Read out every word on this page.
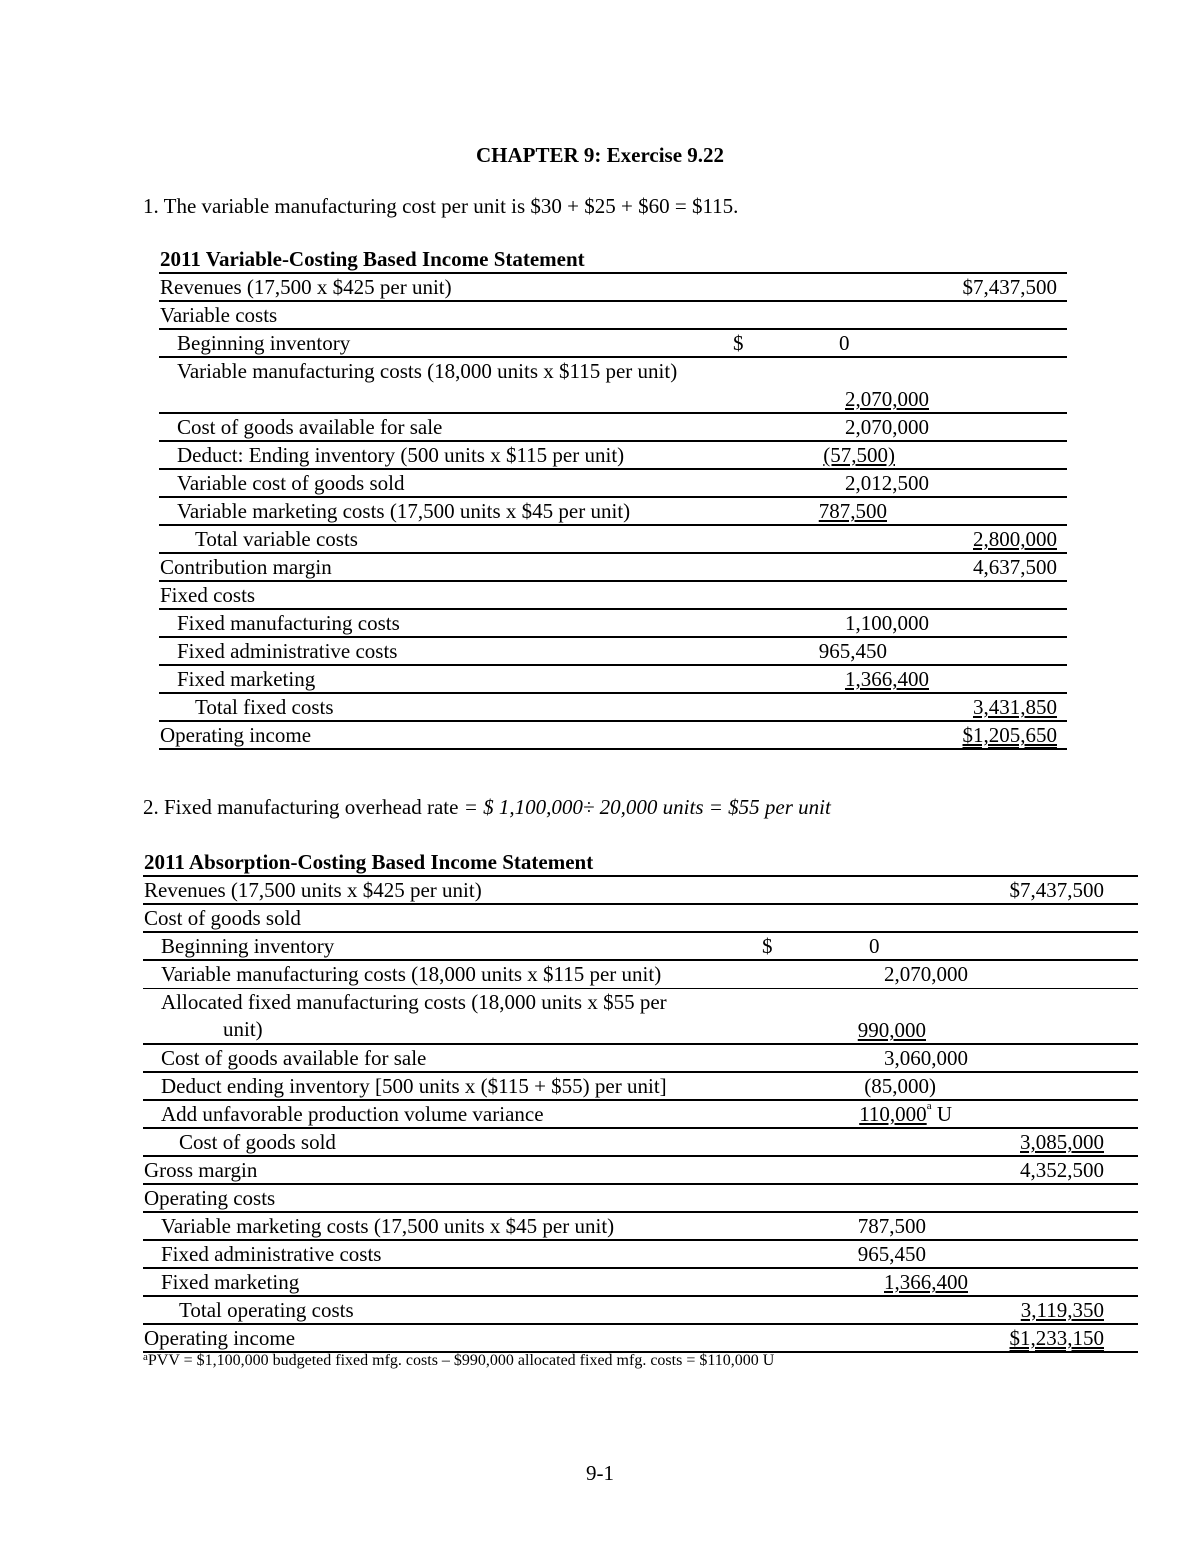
CHAPTER 9: Exercise 9.22
1. The variable manufacturing cost per unit is $30 + $25 + $60 = $115.
2011 Variable-Costing Based Income Statement
Revenues (17,500 x $425 per unit)	$7,437,500
Variable costs
Beginning inventory	$	0
Variable manufacturing costs (18,000 units x $115 per unit)
2,070,000
Cost of goods available for sale	2,070,000
Deduct: Ending inventory (500 units x $115 per unit)	(57,500)
Variable cost of goods sold	2,012,500
Variable marketing costs (17,500 units x $45 per unit)	787,500
Total variable costs	2,800,000
Contribution margin	4,637,500
Fixed costs
Fixed manufacturing costs	1,100,000
Fixed administrative costs	965,450
Fixed marketing	1,366,400
Total fixed costs	3,431,850
Operating income	$1,205,650
2. Fixed manufacturing overhead rate = $ 1,100,000÷ 20,000 units = $55 per unit
2011 Absorption-Costing Based Income Statement
Revenues (17,500 units x $425 per unit)	$7,437,500
Cost of goods sold
Beginning inventory	$	0
Variable manufacturing costs (18,000 units x $115 per unit)	2,070,000
Allocated fixed manufacturing costs (18,000 units x $55 per
unit)	990,000
Cost of goods available for sale	3,060,000
Deduct ending inventory [500 units x ($115 + $55) per unit]	(85,000)
Add unfavorable production volume variance	110,000$^a$ U
Cost of goods sold	3,085,000
Gross margin	4,352,500
Operating costs
Variable marketing costs (17,500 units x $45 per unit)	787,500
Fixed administrative costs	965,450
Fixed marketing	1,366,400
Total operating costs	3,119,350
Operating income	$1,233,150
$^a$PVV = $1,100,000 budgeted fixed mfg. costs – $990,000 allocated fixed mfg. costs = $110,000 U
9-1
